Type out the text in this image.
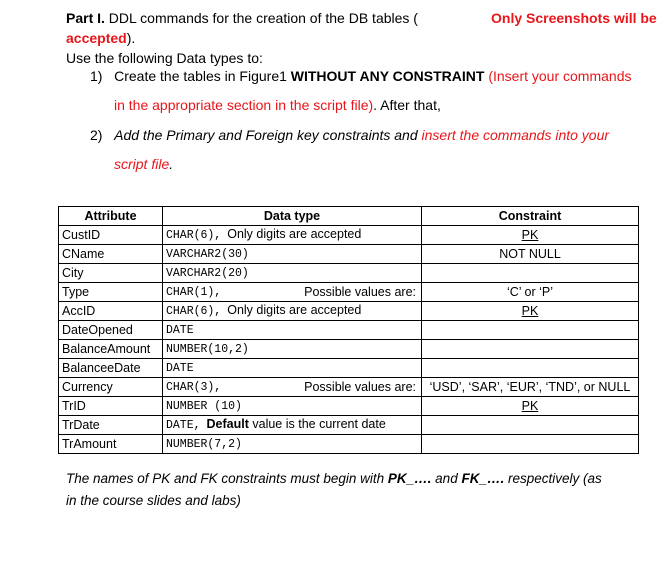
Part I. DDL commands for the creation of the DB tables (	Only Screenshots will be
accepted).
Use the following Data types to:
1) Create the tables in Figure1 WITHOUT ANY CONSTRAINT (Insert your commands
in the appropriate section in the script file). After that,
2) Add the Primary and Foreign key constraints and insert the commands into your
script file.
Attribute	Data type	Constraint
CustID	CHAR(6), Only digits are accepted	PK
CName	VARCHAR2(30)	NOT NULL
City	VARCHAR2(20)	

Type	CHAR(1), Possible values are:	‘C’ or ‘P’
AccID	CHAR(6), Only digits are accepted	PK
DateOpened	DATE	

BalanceAmount	NUMBER(10,2)	

BalanceeDate	DATE	

Currency	CHAR(3), Possible values are:	‘USD’, ‘SAR’, ‘EUR’, ‘TND’, or NULL
TrID	NUMBER (10)	PK
TrDate	DATE, Default value is the current date	

TrAmount	NUMBER(7,2)	

The names of PK and FK constraints must begin with PK_…. and FK_…. respectively (as
in the course slides and labs)
